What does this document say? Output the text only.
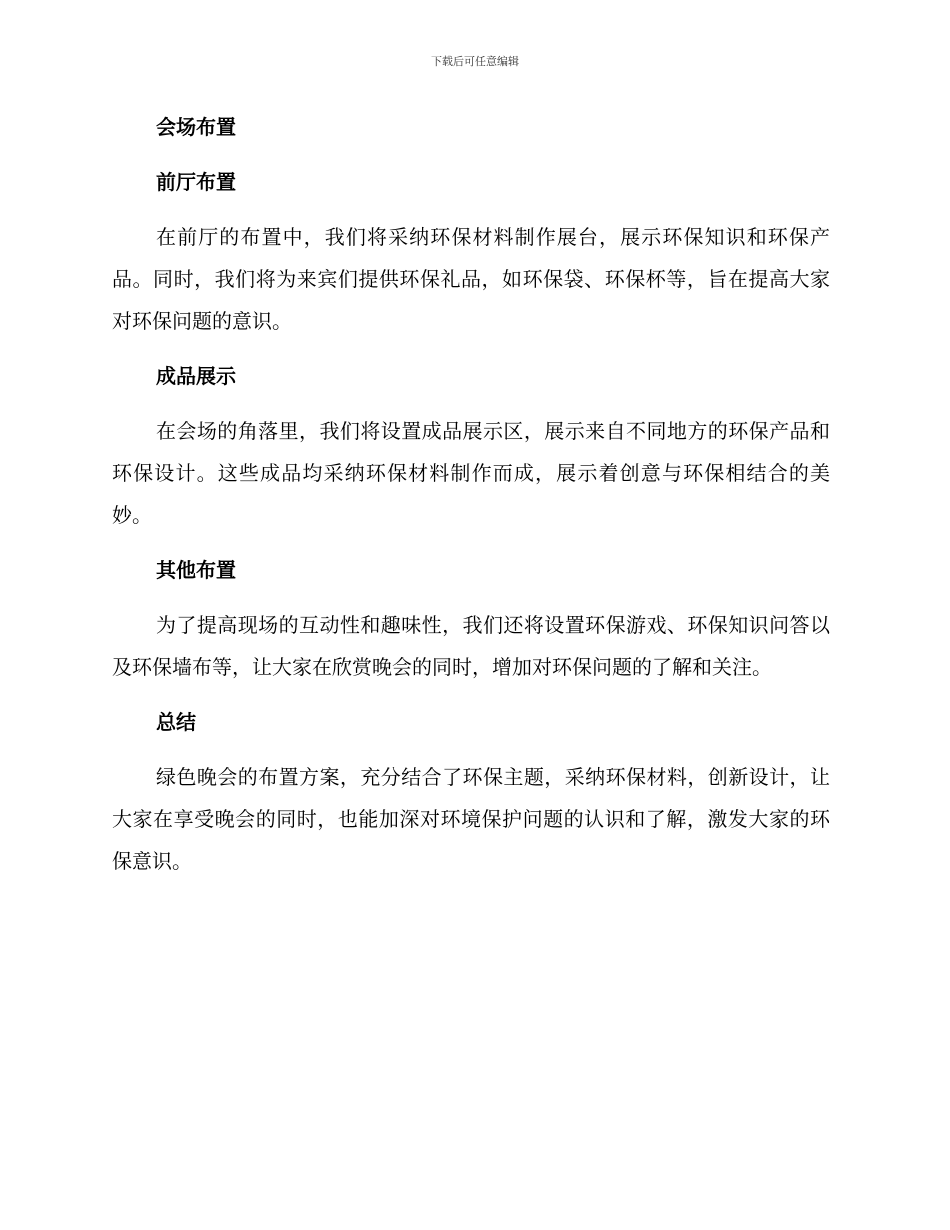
下载后可任意编辑
会场布置
前厅布置
在前厅的布置中，我们将采纳环保材料制作展台，展示环保知识和环保产品。同时，我们将为来宾们提供环保礼品，如环保袋、环保杯等，旨在提高大家对环保问题的意识。
成品展示
在会场的角落里，我们将设置成品展示区，展示来自不同地方的环保产品和环保设计。这些成品均采纳环保材料制作而成，展示着创意与环保相结合的美妙。
其他布置
为了提高现场的互动性和趣味性，我们还将设置环保游戏、环保知识问答以及环保墙布等，让大家在欣赏晚会的同时，增加对环保问题的了解和关注。
总结
绿色晚会的布置方案，充分结合了环保主题，采纳环保材料，创新设计，让大家在享受晚会的同时，也能加深对环境保护问题的认识和了解，激发大家的环保意识。
